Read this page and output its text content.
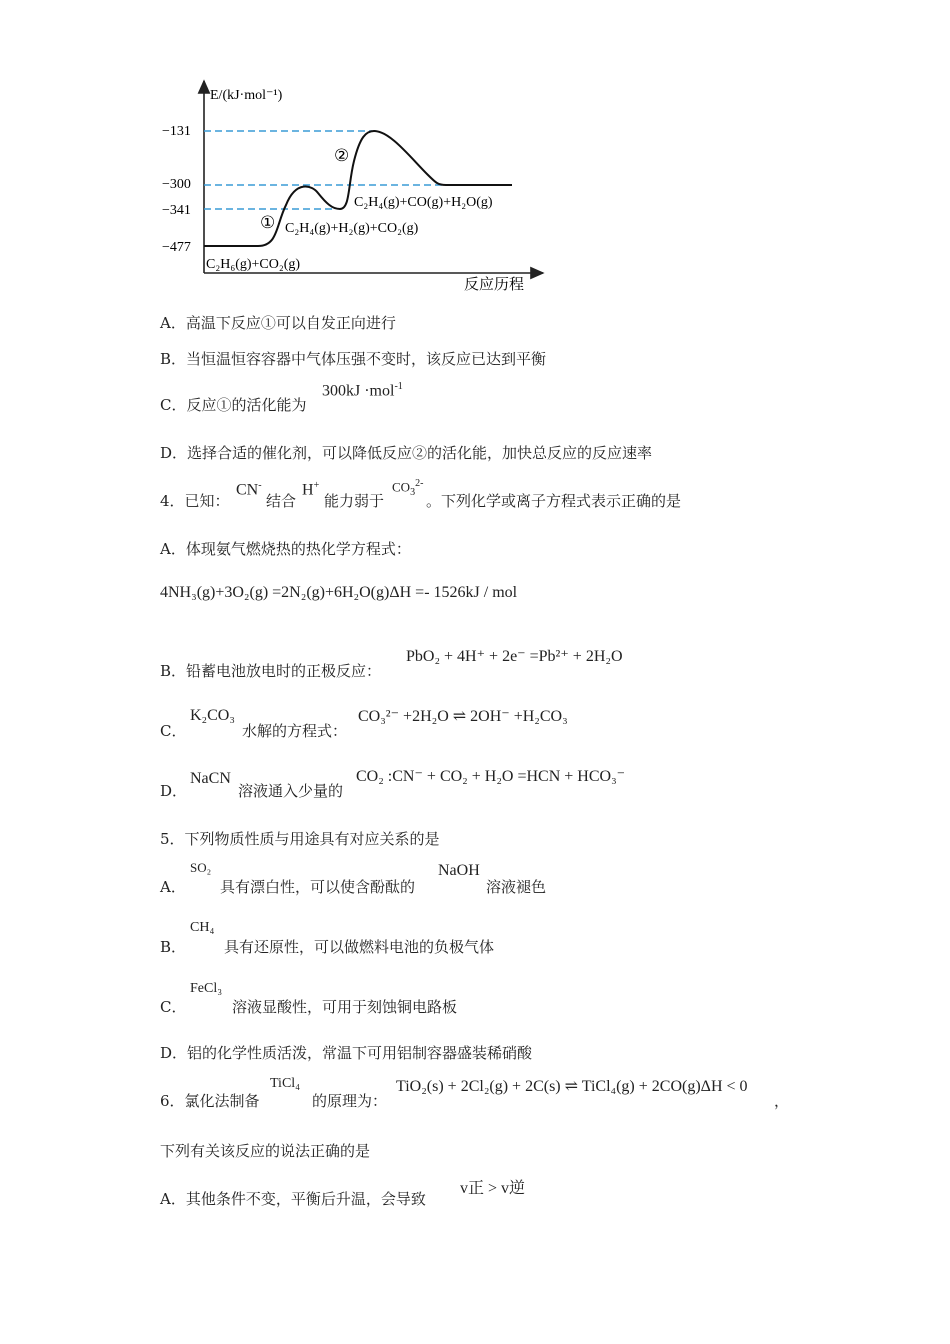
E/(kJ·mol⁻¹)
反应历程
−131
−300
−341
−477
①
②
C₂H₆(g)+CO₂(g)
C₂H₄(g)+H₂(g)+CO₂(g)
C₂H₄(g)+CO(g)+H₂O(g)
A．高温下反应①可以自发正向进行
B．当恒温恒容容器中气体压强不变时，该反应已达到平衡
C．反应①的活化能为
300kJ ·mol$^{-1}$
D．选择合适的催化剂，可以降低反应②的活化能，加快总反应的反应速率
4．已知：
CN-
结合
H+
能力弱于
$CO_3^{2-}$
。下列化学或离子方程式表示正确的是
A．体现氨气燃烧热的热化学方程式：
4NH₃(g)+3O₂(g) =2N₂(g)+6H₂O(g)ΔH =- 1526kJ / mol
B．铅蓄电池放电时的正极反应：
PbO₂ + 4H⁺ + 2e⁻ =Pb²⁺ + 2H₂O
C．
K₂CO₃
水解的方程式：
CO₃²⁻ +2H₂O ⇌ 2OH⁻ +H₂CO₃
D．
NaCN
溶液通入少量的
CO₂ :CN⁻ + CO₂ + H₂O =HCN + HCO₃⁻
5．下列物质性质与用途具有对应关系的是
A．
SO₂
具有漂白性，可以使含酚酞的
NaOH
溶液褪色
B．
CH₄
具有还原性，可以做燃料电池的负极气体
C．
FeCl₃
溶液显酸性，可用于刻蚀铜电路板
D．铝的化学性质活泼，常温下可用铝制容器盛装稀硝酸
6．氯化法制备
TiCl₄
的原理为：
TiO₂(s) + 2Cl₂(g) + 2C(s) ⇌ TiCl₄(g) + 2CO(g)ΔH < 0
，
下列有关该反应的说法正确的是
A．其他条件不变，平衡后升温，会导致
v正 > v逆
